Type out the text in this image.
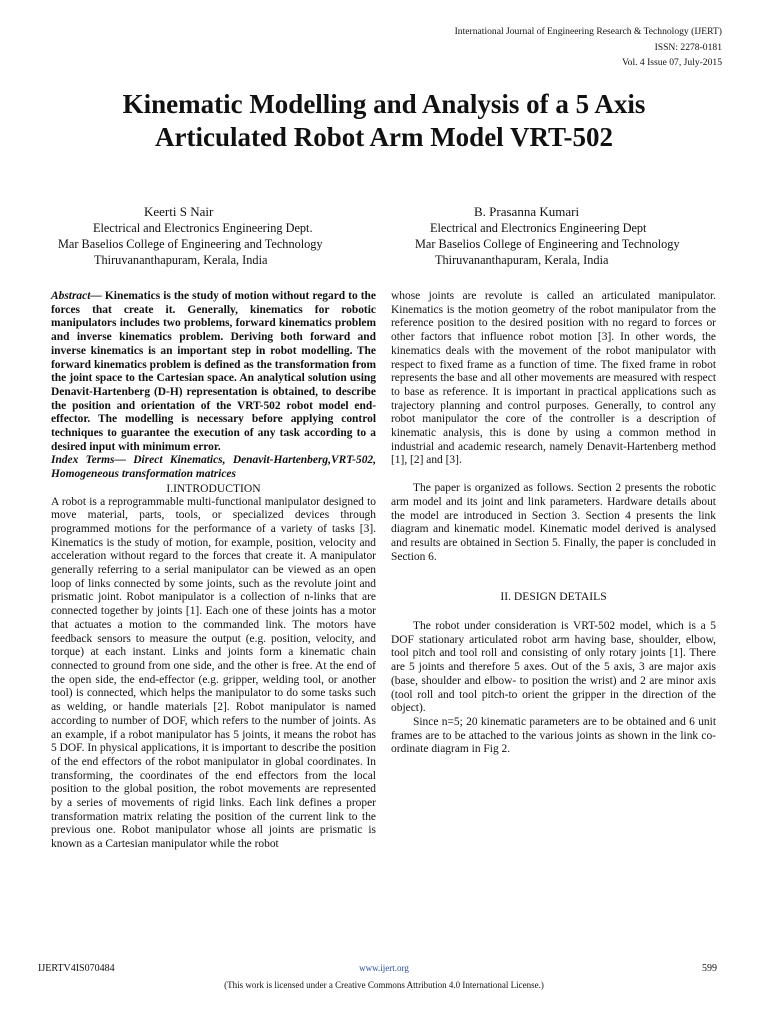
International Journal of Engineering Research & Technology (IJERT)
ISSN: 2278-0181
Vol. 4 Issue 07, July-2015
Kinematic Modelling and Analysis of a 5 Axis
Articulated Robot Arm Model VRT-502
Keerti S Nair
Electrical and Electronics Engineering Dept.
Mar Baselios College of Engineering and Technology
Thiruvananthapuram, Kerala, India
B. Prasanna Kumari
Electrical and Electronics Engineering Dept
Mar Baselios College of Engineering and Technology
Thiruvananthapuram, Kerala, India

Abstract— Kinematics is the study of motion without regard to the forces that create it. Generally, kinematics for robotic manipulators includes two problems, forward kinematics problem and inverse kinematics problem. Deriving both forward and inverse kinematics is an important step in robot modelling. The forward kinematics problem is defined as the transformation from the joint space to the Cartesian space. An analytical solution using Denavit-Hartenberg (D-H) representation is obtained, to describe the position and orientation of the VRT-502 robot model end-effector. The modelling is necessary before applying control techniques to guarantee the execution of any task according to a desired input with minimum error.

Index Terms— Direct Kinematics, Denavit-Hartenberg,VRT-502, Homogeneous transformation matrices

I.INTRODUCTION

A robot is a reprogrammable multi-functional manipulator designed to move material, parts, tools, or specialized devices through programmed motions for the performance of a variety of tasks [3]. Kinematics is the study of motion, for example, position, velocity and acceleration without regard to the forces that create it. A manipulator generally referring to a serial manipulator can be viewed as an open loop of links connected by some joints, such as the revolute joint and prismatic joint. Robot manipulator is a collection of n-links that are connected together by joints [1]. Each one of these joints has a motor that actuates a motion to the commanded link. The motors have feedback sensors to measure the output (e.g. position, velocity, and torque) at each instant. Links and joints form a kinematic chain connected to ground from one side, and the other is free. At the end of the open side, the end-effector (e.g. gripper, welding tool, or another tool) is connected, which helps the manipulator to do some tasks such as welding, or handle materials [2]. Robot manipulator is named according to number of DOF, which refers to the number of joints. As an example, if a robot manipulator has 5 joints, it means the robot has 5 DOF. In physical applications, it is important to describe the position of the end effectors of the robot manipulator in global coordinates. In transforming, the coordinates of the end effectors from the local position to the global position, the robot movements are represented by a series of movements of rigid links. Each link defines a proper transformation matrix relating the position of the current link to the previous one. Robot manipulator whose all joints are prismatic is known as a Cartesian manipulator while the robot

whose joints are revolute is called an articulated manipulator. Kinematics is the motion geometry of the robot manipulator from the reference position to the desired position with no regard to forces or other factors that influence robot motion [3]. In other words, the kinematics deals with the movement of the robot manipulator with respect to fixed frame as a function of time. The fixed frame in robot represents the base and all other movements are measured with respect to base as reference. It is important in practical applications such as trajectory planning and control purposes. Generally, to control any robot manipulator the core of the controller is a description of kinematic analysis, this is done by using a common method in industrial and academic research, namely Denavit-Hartenberg method [1], [2] and [3].

The paper is organized as follows. Section 2 presents the robotic arm model and its joint and link parameters. Hardware details about the model are introduced in Section 3. Section 4 presents the link diagram and kinematic model. Kinematic model derived is analysed and results are obtained in Section 5. Finally, the paper is concluded in Section 6.

II. DESIGN DETAILS

The robot under consideration is VRT-502 model, which is a 5 DOF stationary articulated robot arm having base, shoulder, elbow, tool pitch and tool roll and consisting of only rotary joints [1]. There are 5 joints and therefore 5 axes. Out of the 5 axis, 3 are major axis (base, shoulder and elbow- to position the wrist) and 2 are minor axis (tool roll and tool pitch-to orient the gripper in the direction of the object).

Since n=5; 20 kinematic parameters are to be obtained and 6 unit frames are to be attached to the various joints as shown in the link co-ordinate diagram in Fig 2.

IJERTV4IS070484	www.ijert.org	599
(This work is licensed under a Creative Commons Attribution 4.0 International License.)
